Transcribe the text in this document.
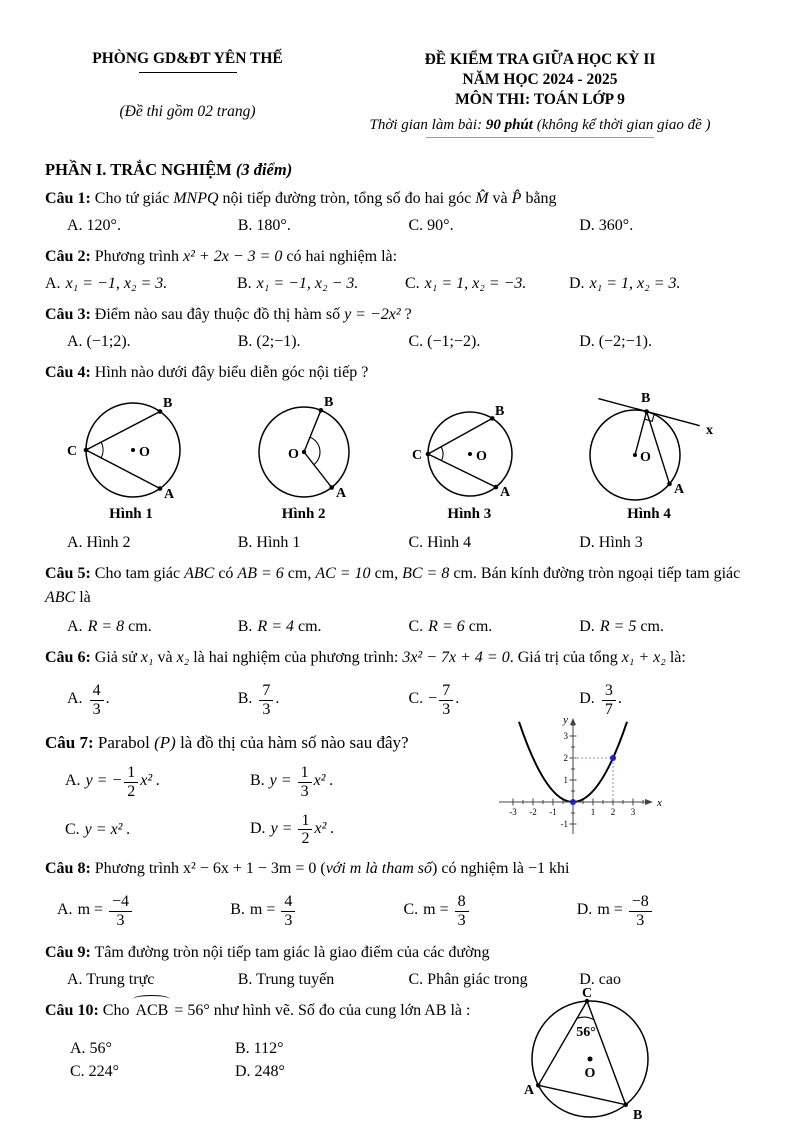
PHÒNG GD&ĐT YÊN THẾ
(Đề thi gồm 02 trang)
ĐỀ KIỂM TRA GIỮA HỌC KỲ II
NĂM HỌC 2024 - 2025
MÔN THI: TOÁN LỚP 9
Thời gian làm bài: 90 phút (không kể thời gian giao đề )
PHẦN I. TRẮC NGHIỆM (3 điểm)
Câu 1: Cho tứ giác MNPQ nội tiếp đường tròn, tổng số đo hai góc M̂ và P̂ bằng
A. 120°.	B. 180°.	C. 90°.	D. 360°.
Câu 2: Phương trình x² + 2x − 3 = 0 có hai nghiệm là:
A. x₁ = −1, x₂ = 3.	B. x₁ = −1, x₂ − 3.	C. x₁ = 1, x₂ = −3.	D. x₁ = 1, x₂ = 3.
Câu 3: Điểm nào sau đây thuộc đồ thị hàm số y = −2x² ?
A. (−1;2).	B. (2;−1).	C. (−1;−2).	D. (−2;−1).
Câu 4: Hình nào dưới đây biểu diễn góc nội tiếp ?
C
B
A
O
Hình 1
O
B
A
Hình 2
C
B
A
O
Hình 3
B
x
A
O
Hình 4
A. Hình 2	B. Hình 1	C. Hình 4	D. Hình 3
Câu 5: Cho tam giác ABC có AB = 6 cm, AC = 10 cm, BC = 8 cm. Bán kính đường tròn ngoại tiếp tam giác ABC là
A. R = 8 cm.	B. R = 4 cm.	C. R = 6 cm.	D. R = 5 cm.
Câu 6: Giả sử x₁ và x₂ là hai nghiệm của phương trình: 3x² − 7x + 4 = 0. Giá trị của tổng x₁ + x₂ là:
A. $\frac{4}{3}$ .	B. $\frac{7}{3}$ .	C. − $\frac{7}{3}$ .	D. $\frac{3}{7}$ .
Câu 7: Parabol (P) là đồ thị của hàm số nào sau đây?
-3 -2 -1	1 2 3
3
2
1
-1
x
y
A. y = − $\frac{1}{2} x^2$ .	B. $y = \frac{1}{3} x^2$ .
C. y = x² .	D. $y = \frac{1}{2} x^2$ .
Câu 8: Phương trình x² − 6x + 1 − 3m = 0 (với m là tham số) có nghiệm là −1 khi
A. $m = \frac{-4}{3}$	B. $m = \frac{4}{3}$	C. $m = \frac{8}{3}$	D. $m = \frac{-8}{3}$
Câu 9: Tâm đường tròn nội tiếp tam giác là giao điểm của các đường
A. Trung trực	B. Trung tuyến	C. Phân giác trong	D. cao
Câu 10: Cho ACB = 56° như hình vẽ. Số đo của cung lớn AB là :
56°
C
A
B
O
A. 56°	B. 112°
C. 224°	D. 248°
